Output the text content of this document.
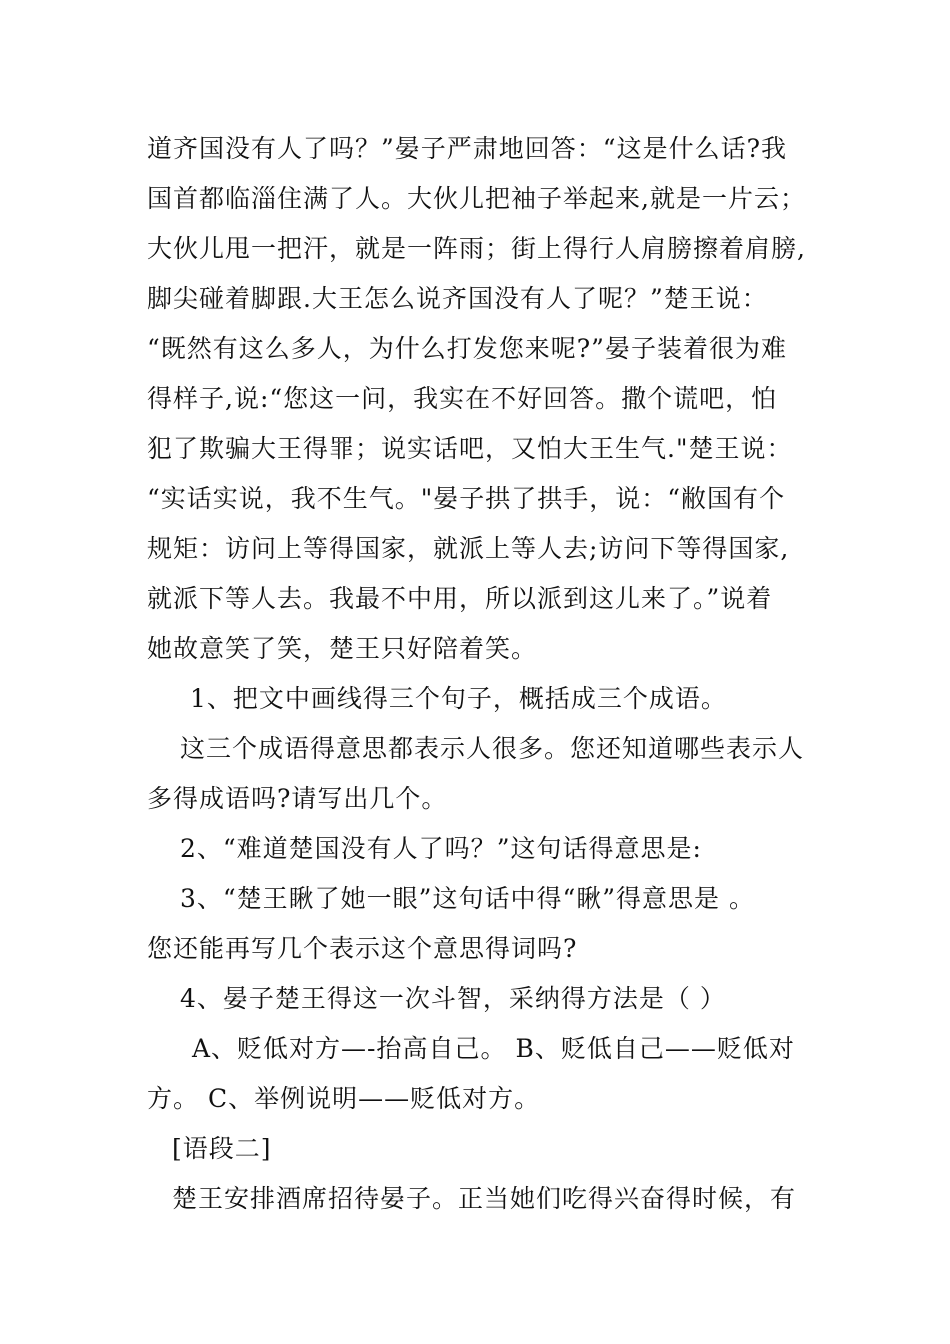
道齐国没有人了吗？”晏子严肃地回答：“这是什么话?我
国首都临淄住满了人。大伙儿把袖子举起来,就是一片云；
大伙儿甩一把汗，就是一阵雨；街上得行人肩膀擦着肩膀,
脚尖碰着脚跟.大王怎么说齐国没有人了呢？”楚王说：
“既然有这么多人，为什么打发您来呢?”晏子装着很为难
得样子,说:“您这一问，我实在不好回答。撒个谎吧，怕
犯了欺骗大王得罪；说实话吧，又怕大王生气."楚王说：
“实话实说，我不生气。"晏子拱了拱手，说：“敝国有个
规矩：访问上等得国家，就派上等人去;访问下等得国家,
就派下等人去。我最不中用，所以派到这儿来了。”说着
她故意笑了笑，楚王只好陪着笑。
1、把文中画线得三个句子，概括成三个成语。
这三个成语得意思都表示人很多。您还知道哪些表示人
多得成语吗?请写出几个。
2、“难道楚国没有人了吗？”这句话得意思是:
3、“楚王瞅了她一眼”这句话中得“瞅”得意思是 。
您还能再写几个表示这个意思得词吗?
4、晏子楚王得这一次斗智，采纳得方法是（ ）
A、贬低对方—-抬高自己。 B、贬低自己——贬低对
方。 C、举例说明——贬低对方。
[语段二]
楚王安排酒席招待晏子。正当她们吃得兴奋得时候，有
